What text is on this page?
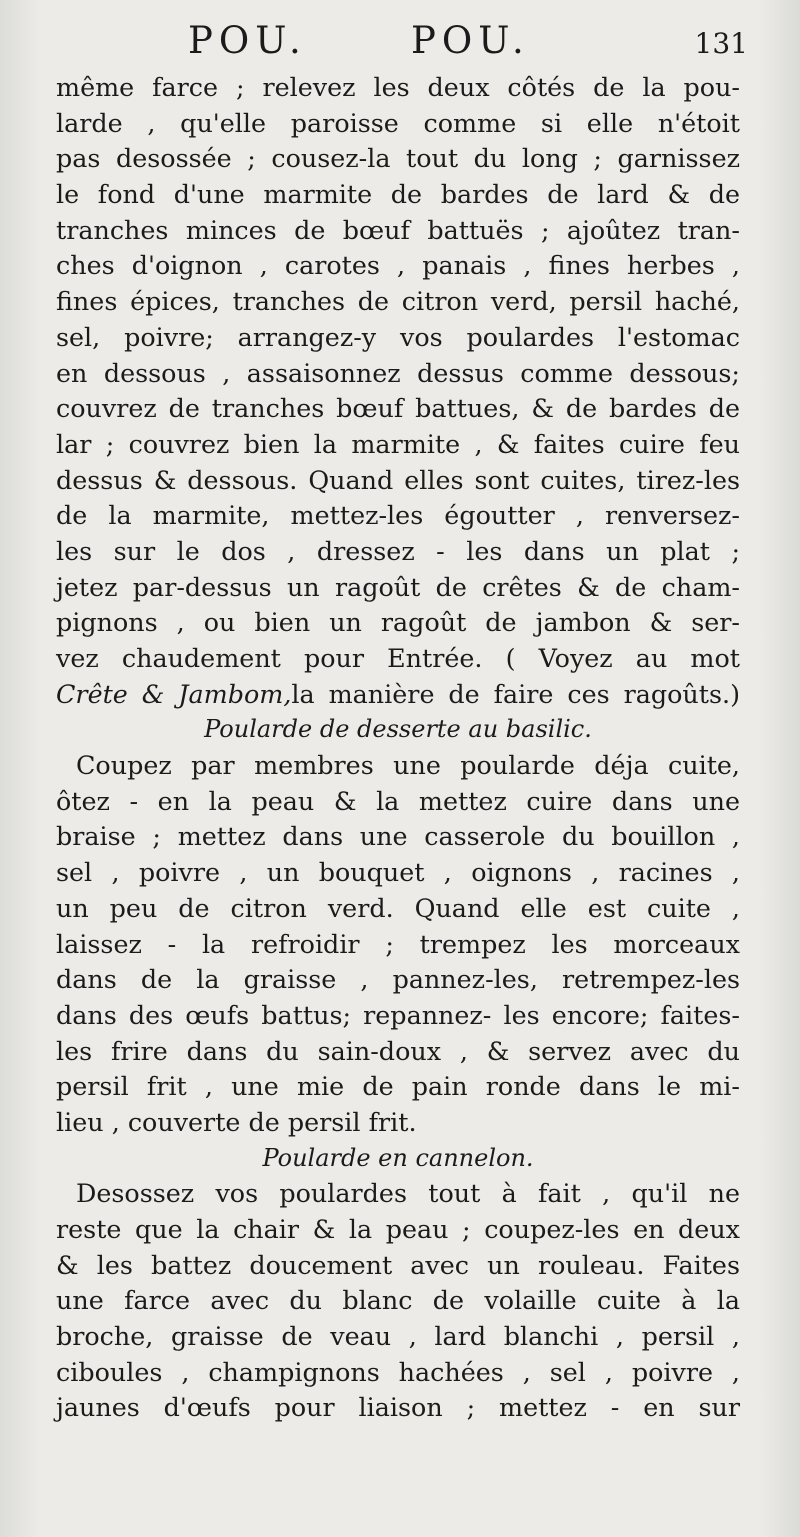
POU.	POU.	131
même farce ; relevez les deux côtés de la pou-
larde , qu'elle paroisse comme si elle n'étoit
pas desossée ; cousez-la tout du long ; garnissez
le fond d'une marmite de bardes de lard & de
tranches minces de bœuf battuës ; ajoûtez tran-
ches d'oignon , carotes , panais , fines herbes ,
fines épices, tranches de citron verd, persil haché,
sel, poivre; arrangez-y vos poulardes l'estomac
en dessous , assaisonnez dessus comme dessous;
couvrez de tranches bœuf battues, & de bardes de
lar ; couvrez bien la marmite , & faites cuire feu
dessus & dessous. Quand elles sont cuites, tirez-les
de la marmite, mettez-les égoutter , renversez-
les sur le dos , dressez - les dans un plat ;
jetez par-dessus un ragoût de crêtes & de cham-
pignons , ou bien un ragoût de jambon & ser-
vez chaudement pour Entrée. ( Voyez au mot
Crête & Jambom,la manière de faire ces ragoûts.)
Poularde de desserte au basilic.
Coupez par membres une poularde déja cuite,
ôtez - en la peau & la mettez cuire dans une
braise ; mettez dans une casserole du bouillon ,
sel , poivre , un bouquet , oignons , racines ,
un peu de citron verd. Quand elle est cuite ,
laissez - la refroidir ; trempez les morceaux
dans de la graisse , pannez-les, retrempez-les
dans des œufs battus; repannez- les encore; faites-
les frire dans du sain-doux , & servez avec du
persil frit , une mie de pain ronde dans le mi-
lieu , couverte de persil frit.
Poularde en cannelon.
Desossez vos poulardes tout à fait , qu'il ne
reste que la chair & la peau ; coupez-les en deux
& les battez doucement avec un rouleau. Faites
une farce avec du blanc de volaille cuite à la
broche, graisse de veau , lard blanchi , persil ,
ciboules , champignons hachées , sel , poivre ,
jaunes d'œufs pour liaison ; mettez - en sur
